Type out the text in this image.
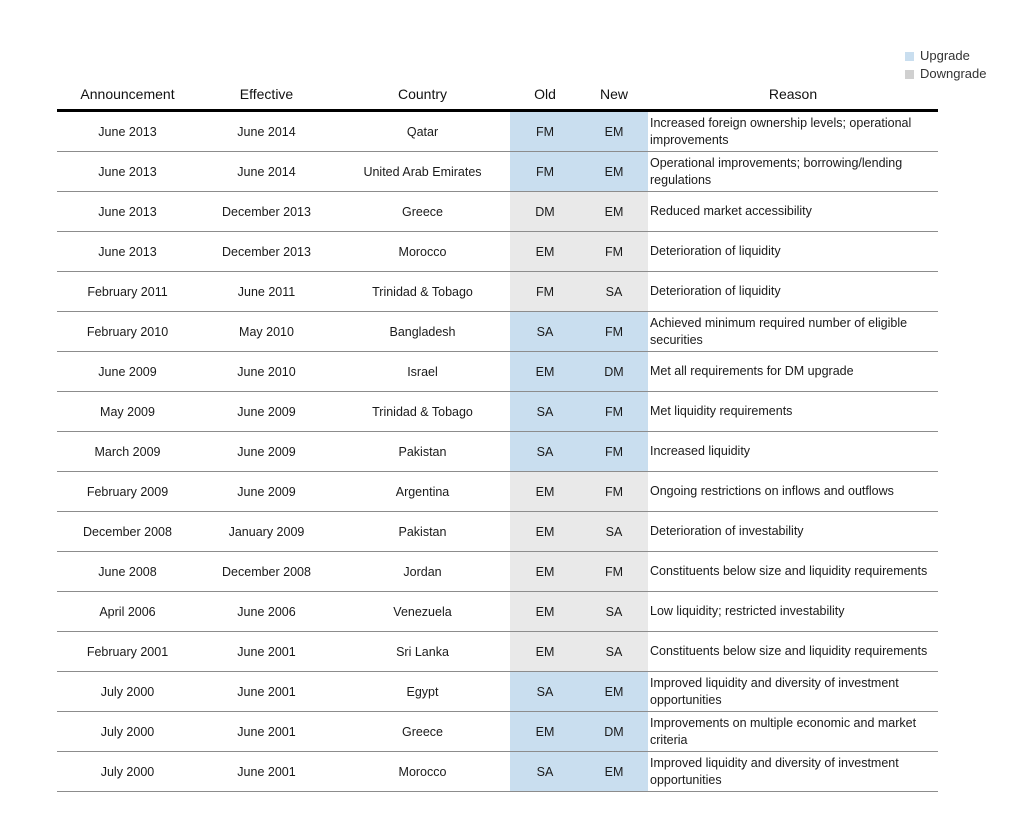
Upgrade
Downgrade
Announcement	Effective	Country	Old	New	Reason
June 2013	June 2014	Qatar	FM	EM	Increased foreign ownership levels; operational improvements
June 2013	June 2014	United Arab Emirates	FM	EM	Operational improvements; borrowing/lending regulations
June 2013	December 2013	Greece	DM	EM	Reduced market accessibility
June 2013	December 2013	Morocco	EM	FM	Deterioration of liquidity
February 2011	June 2011	Trinidad & Tobago	FM	SA	Deterioration of liquidity
February 2010	May 2010	Bangladesh	SA	FM	Achieved minimum required number of eligible securities
June 2009	June 2010	Israel	EM	DM	Met all requirements for DM upgrade
May 2009	June 2009	Trinidad & Tobago	SA	FM	Met liquidity requirements
March 2009	June 2009	Pakistan	SA	FM	Increased liquidity
February 2009	June 2009	Argentina	EM	FM	Ongoing restrictions on inflows and outflows
December 2008	January 2009	Pakistan	EM	SA	Deterioration of investability
June 2008	December 2008	Jordan	EM	FM	Constituents below size and liquidity requirements
April 2006	June 2006	Venezuela	EM	SA	Low liquidity; restricted investability
February 2001	June 2001	Sri Lanka	EM	SA	Constituents below size and liquidity requirements
July 2000	June 2001	Egypt	SA	EM	Improved liquidity and diversity of investment opportunities
July 2000	June 2001	Greece	EM	DM	Improvements on multiple economic and market criteria
July 2000	June 2001	Morocco	SA	EM	Improved liquidity and diversity of investment opportunities
